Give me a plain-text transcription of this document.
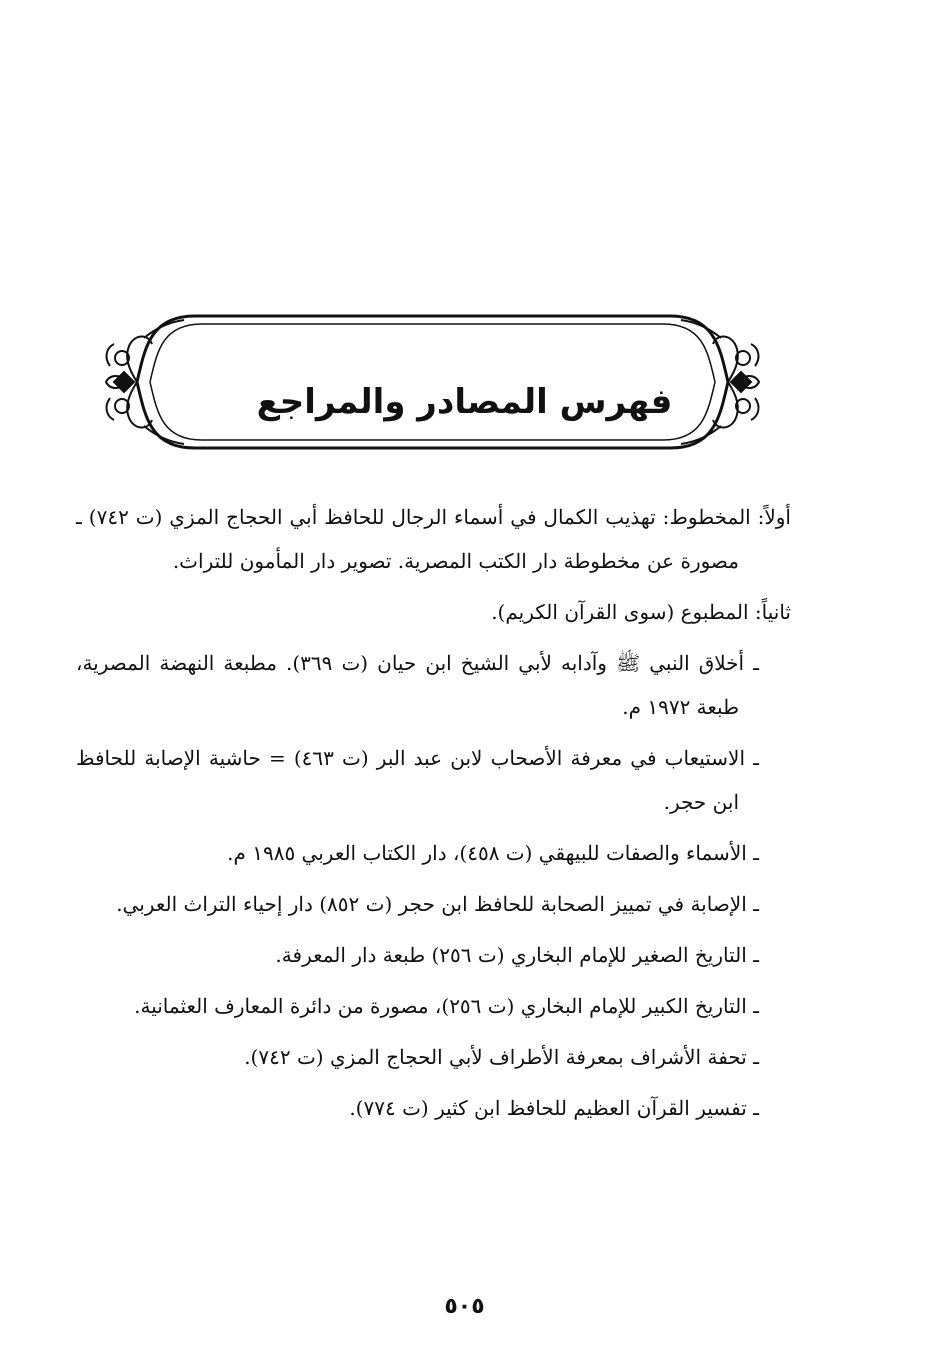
فهرس المصادر والمراجع

أولاً: المخطوط: تهذيب الكمال في أسماء الرجال للحافظ أبي الحجاج المزي (ت ٧٤٢) ـ مصورة عن مخطوطة دار الكتب المصرية. تصوير دار المأمون للتراث.

ثانياً: المطبوع (سوى القرآن الكريم).

ـ أخلاق النبي ﷺ وآدابه لأبي الشيخ ابن حيان (ت ٣٦٩). مطبعة النهضة المصرية، طبعة ١٩٧٢ م.

ـ الاستيعاب في معرفة الأصحاب لابن عبد البر (ت ٤٦٣) = حاشية الإصابة للحافظ ابن حجر.

ـ الأسماء والصفات للبيهقي (ت ٤٥٨)، دار الكتاب العربي ١٩٨٥ م.

ـ الإصابة في تمييز الصحابة للحافظ ابن حجر (ت ٨٥٢) دار إحياء التراث العربي.

ـ التاريخ الصغير للإمام البخاري (ت ٢٥٦) طبعة دار المعرفة.

ـ التاريخ الكبير للإمام البخاري (ت ٢٥٦)، مصورة من دائرة المعارف العثمانية.

ـ تحفة الأشراف بمعرفة الأطراف لأبي الحجاج المزي (ت ٧٤٢).

ـ تفسير القرآن العظيم للحافظ ابن كثير (ت ٧٧٤).

٥٠٥
